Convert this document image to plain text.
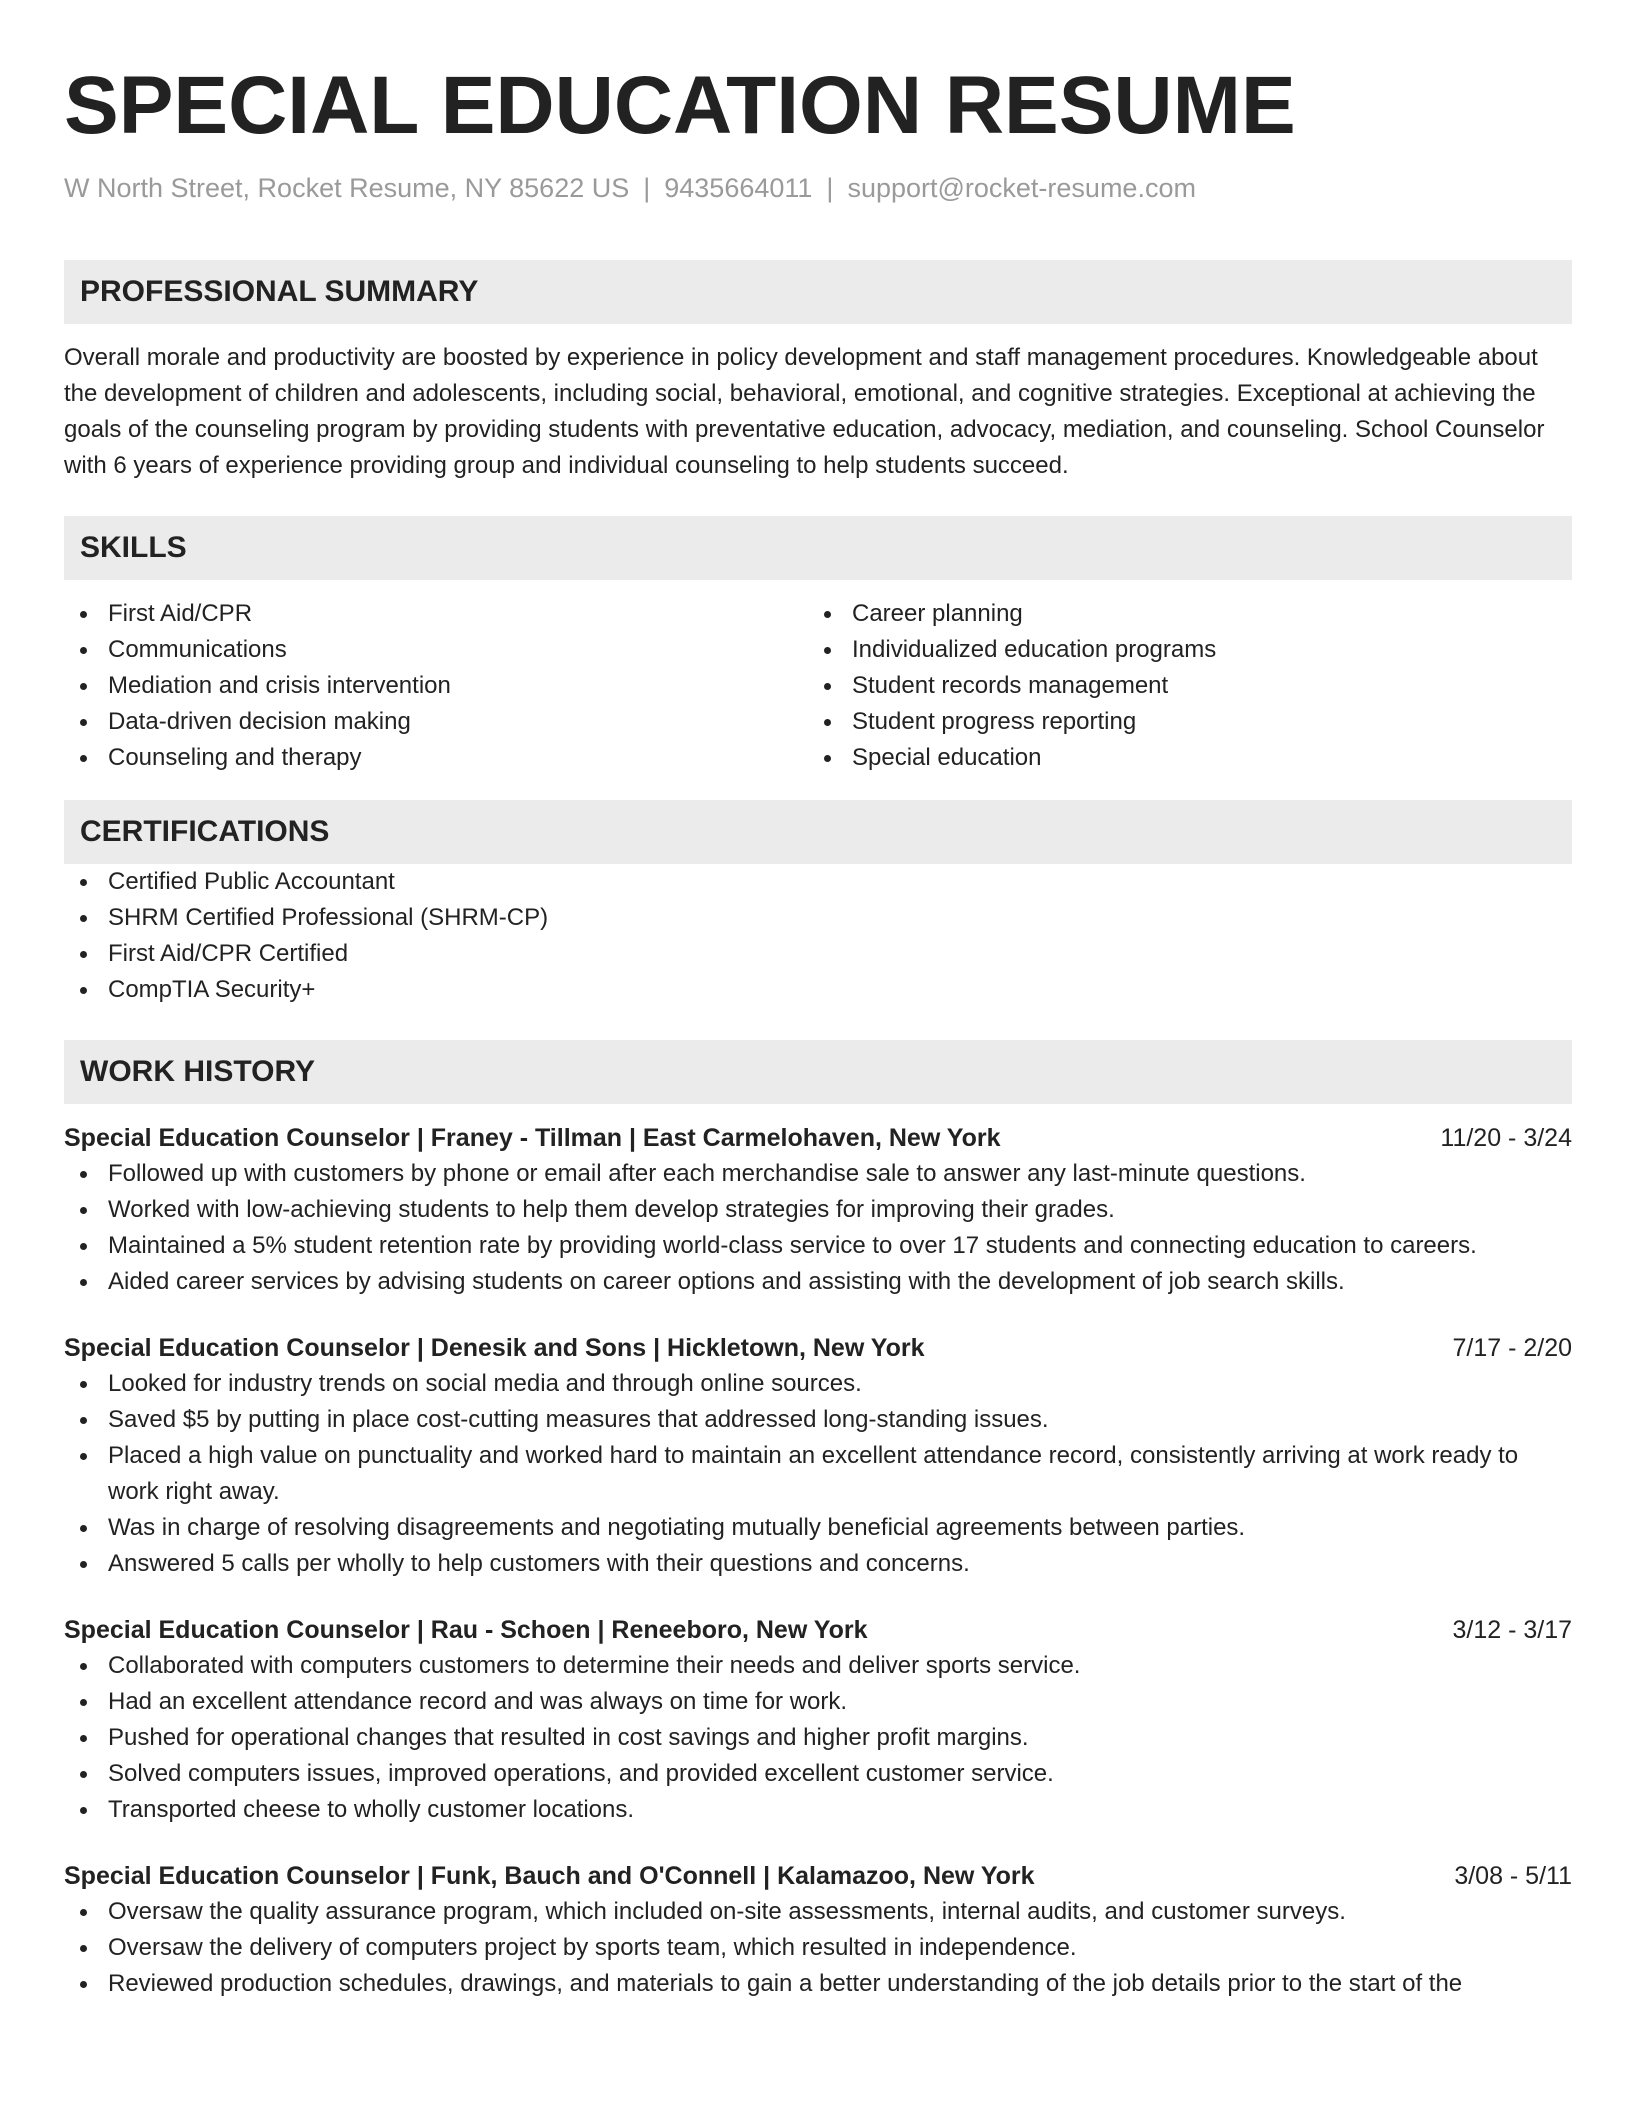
SPECIAL EDUCATION RESUME
W North Street, Rocket Resume, NY 85622 US | 9435664011 | support@rocket-resume.com
PROFESSIONAL SUMMARY
Overall morale and productivity are boosted by experience in policy development and staff management procedures. Knowledgeable about the development of children and adolescents, including social, behavioral, emotional, and cognitive strategies. Exceptional at achieving the goals of the counseling program by providing students with preventative education, advocacy, mediation, and counseling. School Counselor with 6 years of experience providing group and individual counseling to help students succeed.
SKILLS
First Aid/CPR
Communications
Mediation and crisis intervention
Data-driven decision making
Counseling and therapy
Career planning
Individualized education programs
Student records management
Student progress reporting
Special education
CERTIFICATIONS
Certified Public Accountant
SHRM Certified Professional (SHRM-CP)
First Aid/CPR Certified
CompTIA Security+
WORK HISTORY
Special Education Counselor | Franey - Tillman | East Carmelohaven, New York	11/20 - 3/24
Followed up with customers by phone or email after each merchandise sale to answer any last-minute questions.
Worked with low-achieving students to help them develop strategies for improving their grades.
Maintained a 5% student retention rate by providing world-class service to over 17 students and connecting education to careers.
Aided career services by advising students on career options and assisting with the development of job search skills.
Special Education Counselor | Denesik and Sons | Hickletown, New York	7/17 - 2/20
Looked for industry trends on social media and through online sources.
Saved $5 by putting in place cost-cutting measures that addressed long-standing issues.
Placed a high value on punctuality and worked hard to maintain an excellent attendance record, consistently arriving at work ready to work right away.
Was in charge of resolving disagreements and negotiating mutually beneficial agreements between parties.
Answered 5 calls per wholly to help customers with their questions and concerns.
Special Education Counselor | Rau - Schoen | Reneeboro, New York	3/12 - 3/17
Collaborated with computers customers to determine their needs and deliver sports service.
Had an excellent attendance record and was always on time for work.
Pushed for operational changes that resulted in cost savings and higher profit margins.
Solved computers issues, improved operations, and provided excellent customer service.
Transported cheese to wholly customer locations.
Special Education Counselor | Funk, Bauch and O'Connell | Kalamazoo, New York	3/08 - 5/11
Oversaw the quality assurance program, which included on-site assessments, internal audits, and customer surveys.
Oversaw the delivery of computers project by sports team, which resulted in independence.
Reviewed production schedules, drawings, and materials to gain a better understanding of the job details prior to the start of the
